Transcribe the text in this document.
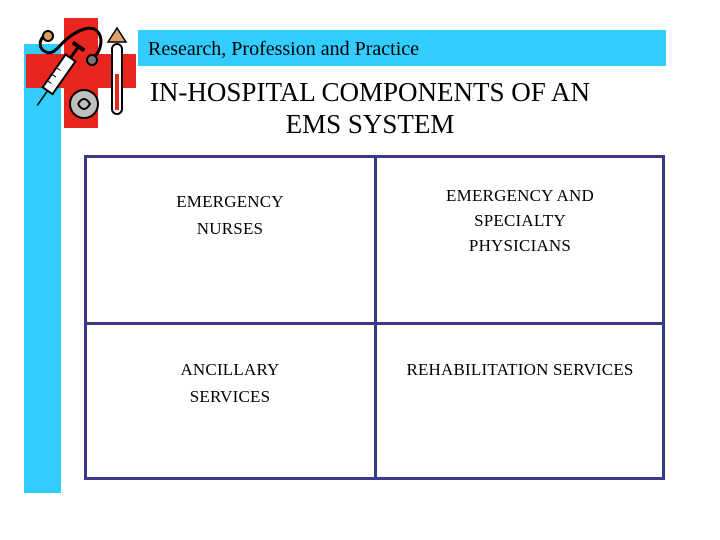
Research, Profession and Practice
IN-HOSPITAL COMPONENTS OF AN
EMS SYSTEM
EMERGENCY
NURSES
EMERGENCY AND
SPECIALTY
PHYSICIANS
ANCILLARY
SERVICES
REHABILITATION SERVICES
